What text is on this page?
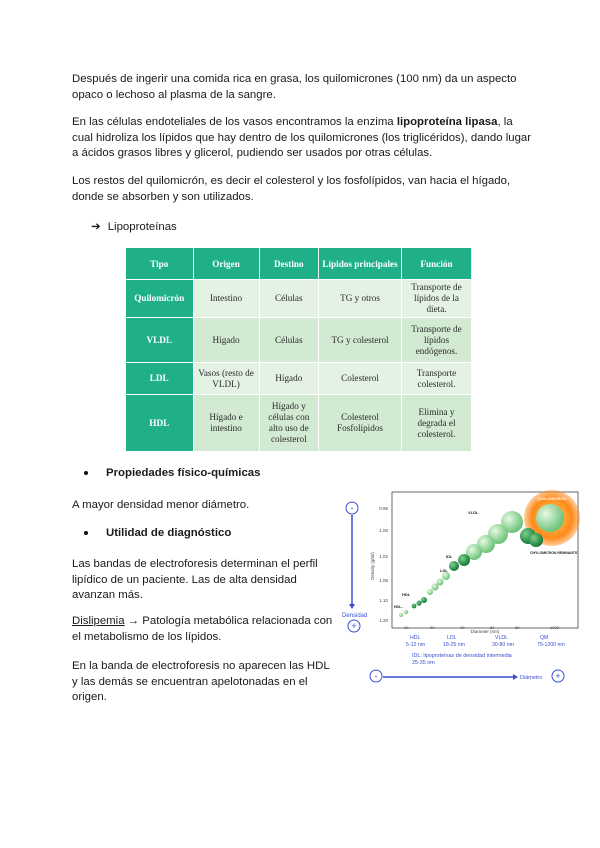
Después de ingerir una comida rica en grasa, los quilomicrones (100 nm) da un aspecto opaco o lechoso al plasma de la sangre.

En las células endoteliales de los vasos encontramos la enzima lipoproteína lipasa, la cual hidroliza los lípidos que hay dentro de los quilomicrones (los triglicéridos), dando lugar a ácidos grasos libres y glicerol, pudiendo ser usados por otras células.

Los restos del quilomicrón, es decir el colesterol y los fosfolípidos, van hacia el hígado, donde se absorben y son utilizados.

➔ Lipoproteínas
Tipo	Origen	Destino	Lípidos principales	Función
Quilomicrón	Intestino	Células	TG y otros	Transporte de lípidos de la dieta.
VLDL	Hígado	Células	TG y colesterol	Transporte de lípidos endógenos.
LDL	Vasos (resto de VLDL)	Hígado	Colesterol	Transporte colesterol.
HDL	Hígado e intestino	Hígado y células con alto uso de colesterol	Colesterol Fosfolípidos	Elimina y degrada el colesterol.
Propiedades físico-químicas

A mayor densidad menor diámetro.

Utilidad de diagnóstico

Las bandas de electroforesis determinan el perfil lipídico de un paciente. Las de alta densidad avanzan más.

Dislipemia → Patología metabólica relacionada con el metabolismo de los lípidos.

En la banda de electroforesis no aparecen las HDL y las demás se encuentran apelotonadas en el origen.

-
Densidad
+
Density (g/ml)
Diameter (nm)
0.95
1.00
1.02
1.06
1.10
1.20
10	20	40	60	80	1000
QUILOMICRÓN
VLDL
CHYLOMICRON REMNANTS
IDL
LDL
HDL
HDL₂
HDL
5-12 nm
LDL
18-25 nm
VLDL
30-80 nm
QM
75-1200 nm
IDL: lipoproteínas de densidad intermedia
25-35 nm
-	Diámetro +
